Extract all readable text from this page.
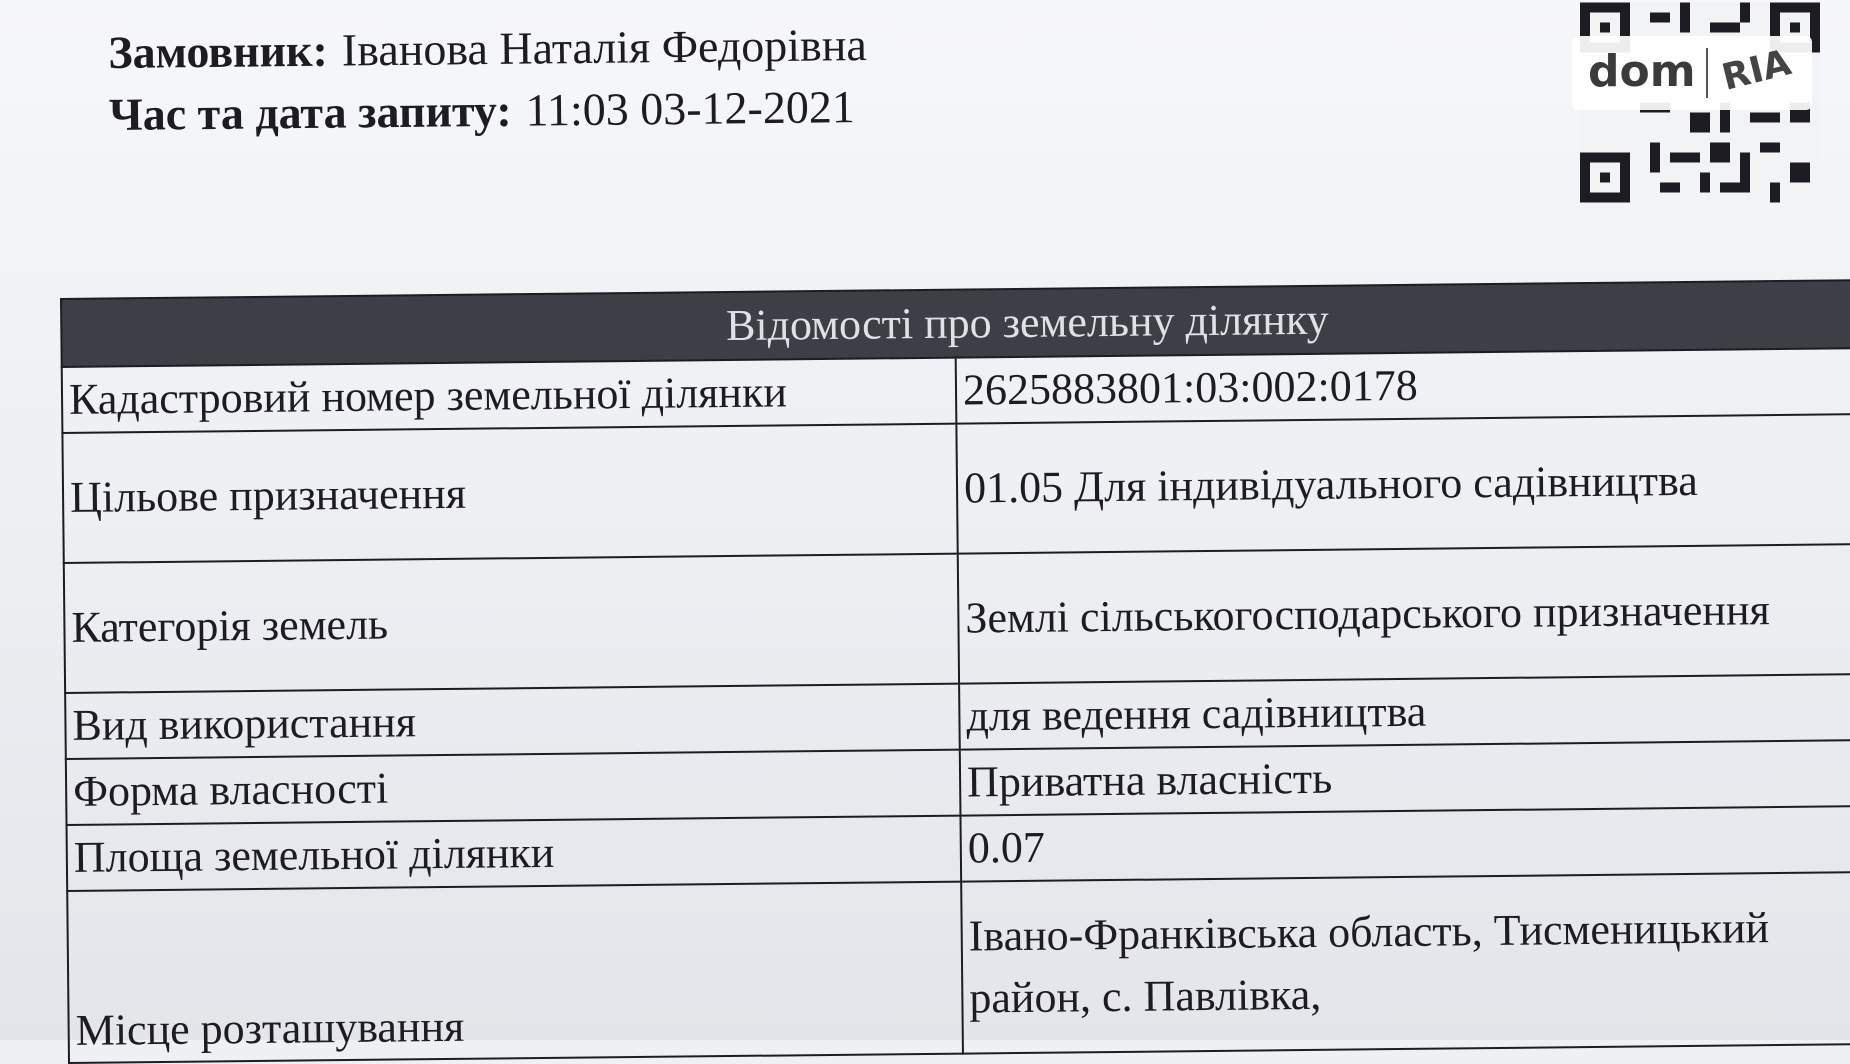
Замовник: Іванова Наталія Федорівна
Час та дата запиту: 11:03 03-12-2021
dom RIA
Відомості про земельну ділянку	
Кадастровий номер земельної ділянки	2625883801:03:002:0178
Цільове призначення	01.05 Для індивідуального садівництва
Категорія земель	Землі сільськогосподарського призначення
Вид використання	для ведення садівництва
Форма власності	Приватна власність
Площа земельної ділянки	0.07
Місце розташування	Івано-Франківська область, Тисменицький район, с. Павлівка,
